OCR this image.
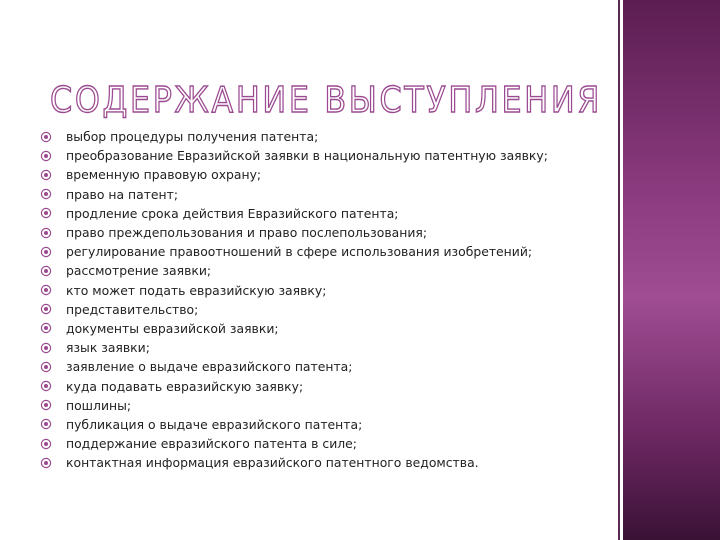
СОДЕРЖАНИЕ ВЫСТУПЛЕНИЯ
выбор процедуры получения патента;
преобразование Евразийской заявки в национальную патентную заявку;
временную правовую охрану;
право на патент;
продление срока действия Евразийского патента;
право преждепользования и право послепользования;
регулирование правоотношений в сфере использования изобретений;
рассмотрение заявки;
кто может подать евразийскую заявку;
представительство;
документы евразийской заявки;
язык заявки;
заявление о выдаче евразийского патента;
куда подавать евразийскую заявку;
пошлины;
публикация о выдаче евразийского патента;
поддержание евразийского патента в силе;
контактная информация евразийского патентного ведомства.
